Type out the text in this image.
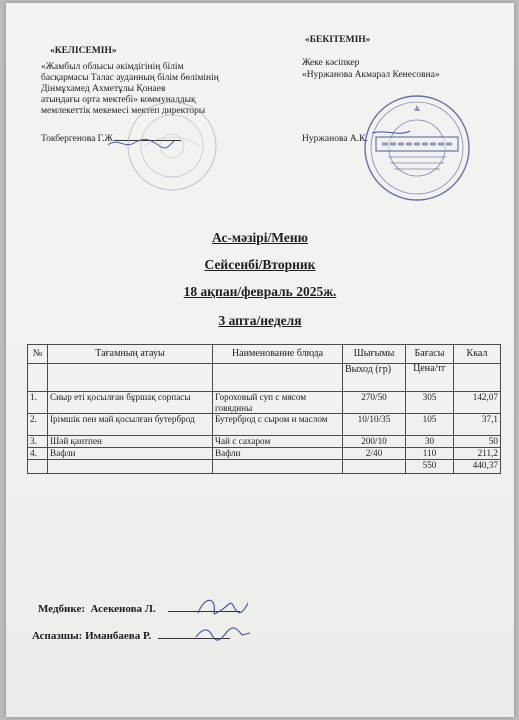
«КЕЛІСЕМІН»
«Жамбыл облысы әкімдігінің білім
басқармасы Талас ауданның білім бөлімінің
Дінмұхамед Ахметұлы Қонаев
атындағы орта мектебі» коммуналдық
мемлекеттік мекемесі мектеп директоры
Токбергенова Г.Ж.
«БЕКІТЕМІН»
Жеке кәсіпкер
«Нуржанова Акмарал Кенесовна»
Нуржанова А.К.
Ас-мәзірі/Меню
Сейсенбі/Вторник
18 ақпан/февраль 2025ж.
3 апта/неделя
№	Тағамның атауы	Наименование блюда	Шығымы	Бағасы	Ккал
			Выход (гр)	Цена/тг	
1.	Сиыр еті қосылған бұршақ сорпасы	Гороховый суп с мясом говядины	270/50	305	142,07
2.	Ірімшік пен май қосылған бутерброд	Бутерброд с сыром и маслом	10/10/35	105	37,1
3.	Шәй қантпен	Чай с сахаром	200/10	30	50
4.	Вафли	Вафли	2/40	110	211,2
				550	440,37
Медбике: Асекенова Л.
Аспазшы: Иманбаева Р.
